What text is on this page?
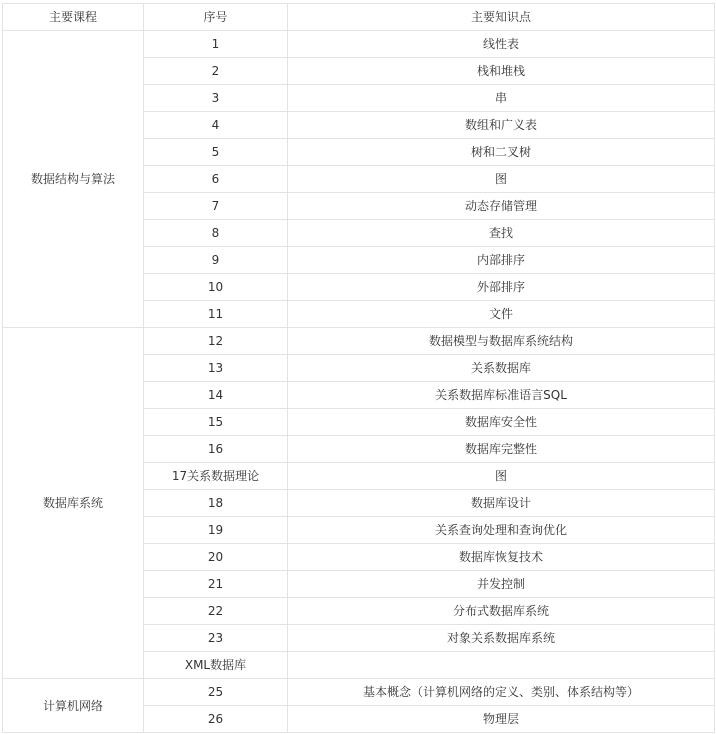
主要课程	序号	主要知识点
数据结构与算法	1	线性表
	2	栈和堆栈
	3	串
	4	数组和广义表
	5	树和二叉树
	6	图
	7	动态存储管理
	8	查找
	9	内部排序
	10	外部排序
	11	文件
数据库系统	12	数据模型与数据库系统结构
	13	关系数据库
	14	关系数据库标准语言SQL
	15	数据库安全性
	16	数据库完整性
	17关系数据理论	图
	18	数据库设计
	19	关系查询处理和查询优化
	20	数据库恢复技术
	21	并发控制
	22	分布式数据库系统
	23	对象关系数据库系统
	XML数据库	
计算机网络	25	基本概念（计算机网络的定义、类别、体系结构等）
	26	物理层
